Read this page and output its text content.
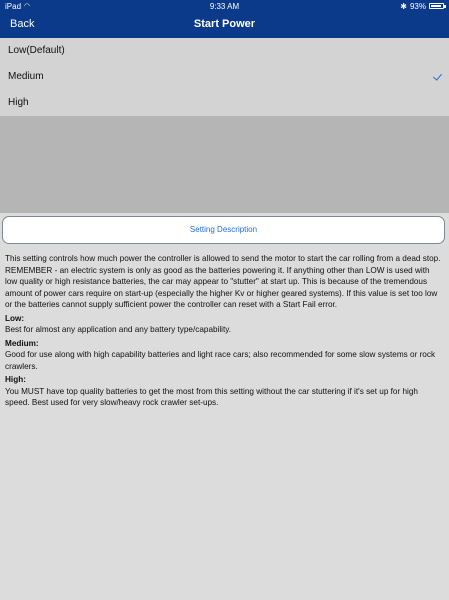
iPad ◠	9:33 AM	✱ 93%
Back	Start Power
Low(Default)
Medium
High
Setting Description

This setting controls how much power the controller is allowed to send the motor to start the car rolling from a dead stop. REMEMBER - an electric system is only as good as the batteries powering it. If anything other than LOW is used with low quality or high resistance batteries, the car may appear to "stutter" at start up. This is because of the tremendous amount of power cars require on start-up (especially the higher Kv or higher geared systems). If this value is set too low or the batteries cannot supply sufficient power the controller can reset with a Start Fail error.

Low:

Best for almost any application and any battery type/capability.

Medium:

Good for use along with high capability batteries and light race cars; also recommended for some slow systems or rock crawlers.

High:

You MUST have top quality batteries to get the most from this setting without the car stuttering if it's set up for high speed. Best used for very slow/heavy rock crawler set-ups.
